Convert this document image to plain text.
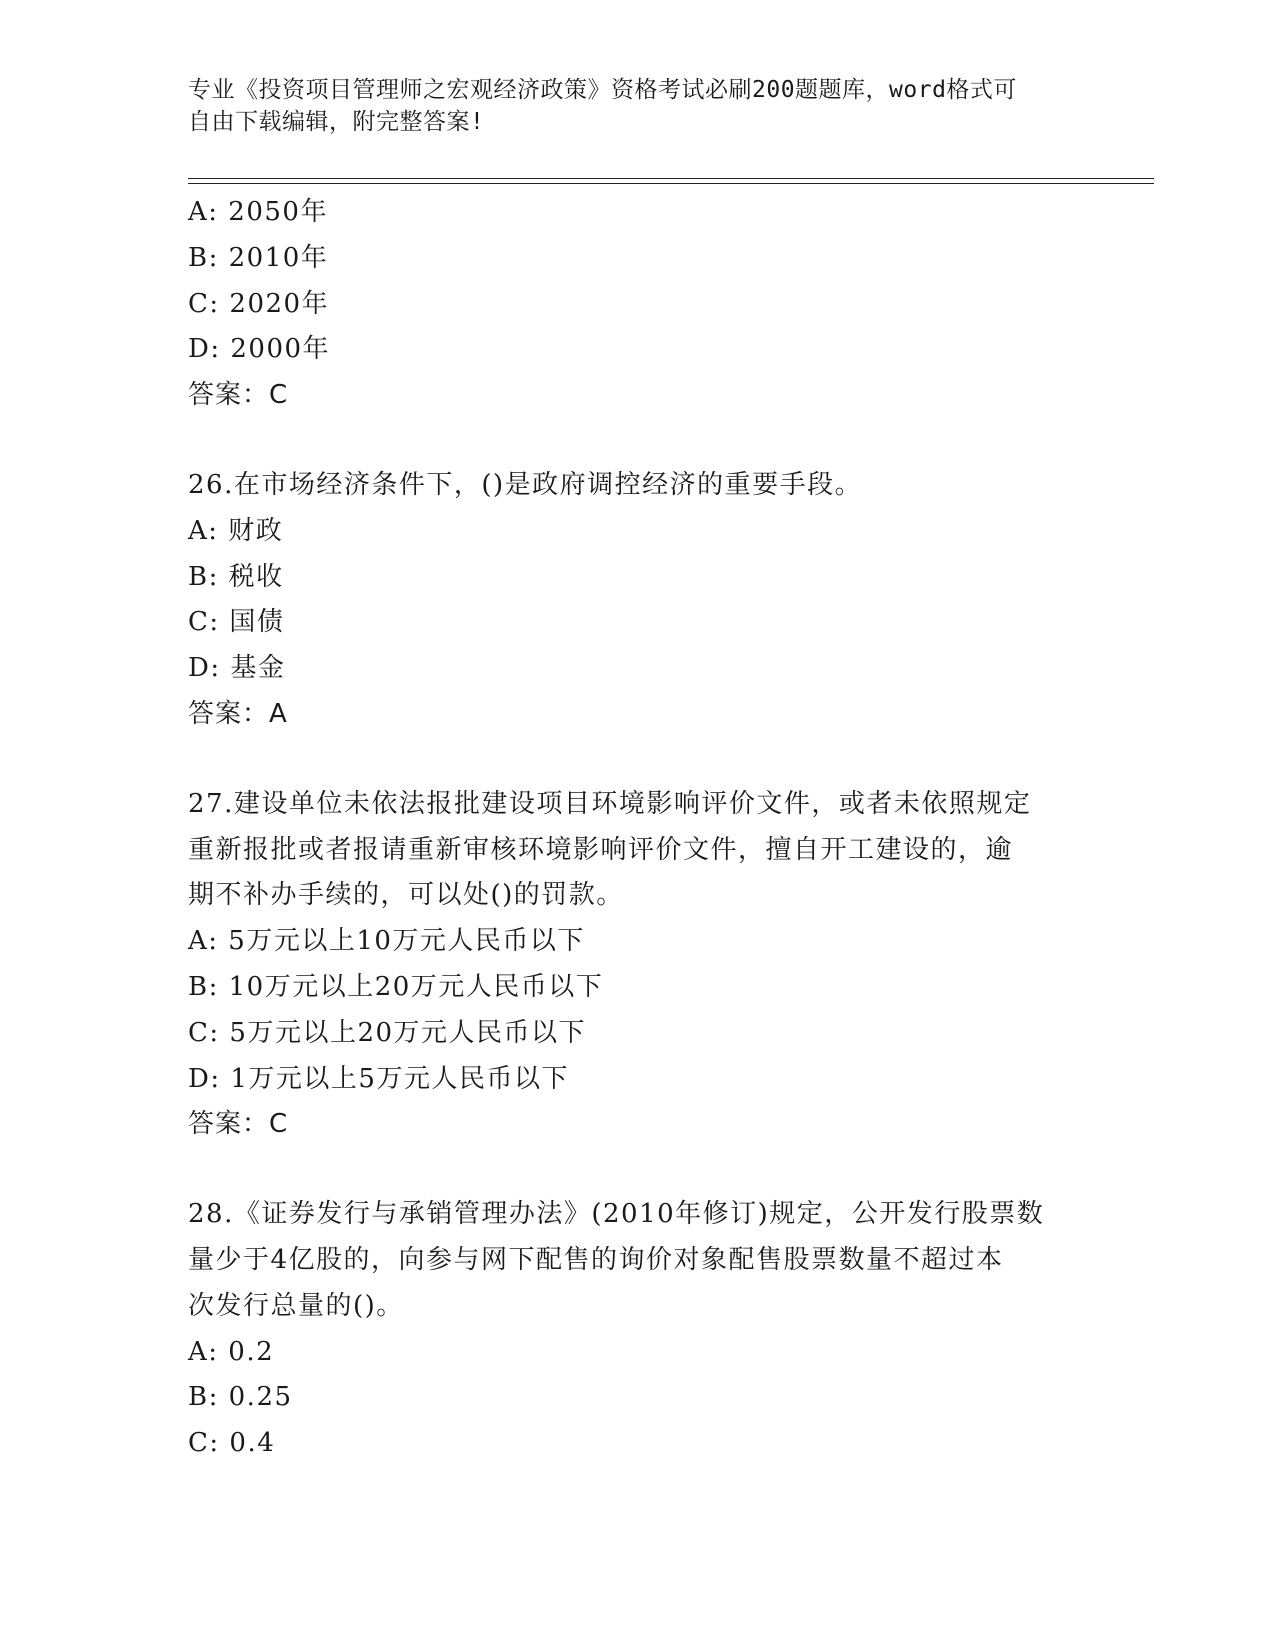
专业《投资项目管理师之宏观经济政策》资格考试必刷200题题库，word格式可
自由下载编辑，附完整答案!
A: 2050年
B: 2010年
C: 2020年
D: 2000年
答案：C
26.在市场经济条件下，()是政府调控经济的重要手段。
A: 财政
B: 税收
C: 国债
D: 基金
答案：A
27.建设单位未依法报批建设项目环境影响评价文件，或者未依照规定
重新报批或者报请重新审核环境影响评价文件，擅自开工建设的，逾
期不补办手续的，可以处()的罚款。
A: 5万元以上10万元人民币以下
B: 10万元以上20万元人民币以下
C: 5万元以上20万元人民币以下
D: 1万元以上5万元人民币以下
答案：C
28.《证券发行与承销管理办法》(2010年修订)规定，公开发行股票数
量少于4亿股的，向参与网下配售的询价对象配售股票数量不超过本
次发行总量的()。
A: 0.2
B: 0.25
C: 0.4
